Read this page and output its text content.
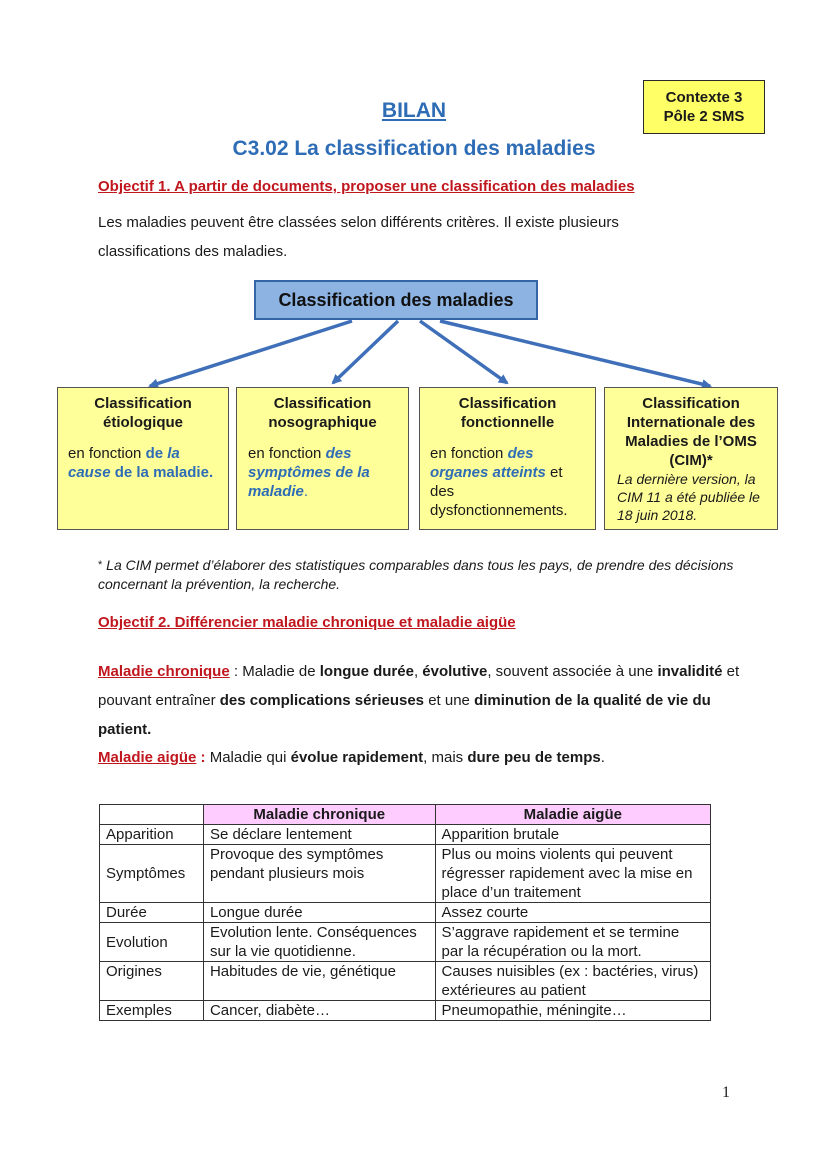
Contexte 3
Pôle 2 SMS
BILAN
C3.02 La classification des maladies
Objectif 1. A partir de documents, proposer une classification des maladies
Les maladies peuvent être classées selon différents critères. Il existe plusieurs
classifications des maladies.
Classification des maladies
Classification étiologique
en fonction de la cause de la maladie.
Classification nosographique
en fonction des symptômes de la maladie.
Classification fonctionnelle
en fonction des organes atteints et des dysfonctionnements.
Classification Internationale des Maladies de l’OMS (CIM)*
La dernière version, la CIM 11 a été publiée le 18 juin 2018.
* La CIM permet d’élaborer des statistiques comparables dans tous les pays, de prendre des décisions concernant la prévention, la recherche.
Objectif 2. Différencier maladie chronique et maladie aigüe
Maladie chronique : Maladie de longue durée, évolutive, souvent associée à une invalidité et pouvant entraîner des complications sérieuses et une diminution de la qualité de vie du patient.
Maladie aigüe : Maladie qui évolue rapidement, mais dure peu de temps.
	Maladie chronique	Maladie aigüe
Apparition	Se déclare lentement	Apparition brutale
Symptômes	Provoque des symptômes pendant plusieurs mois	Plus ou moins violents qui peuvent régresser rapidement avec la mise en place d’un traitement
Durée	Longue durée	Assez courte
Evolution	Evolution lente. Conséquences sur la vie quotidienne.	S’aggrave rapidement et se termine par la récupération ou la mort.
Origines	Habitudes de vie, génétique	Causes nuisibles (ex : bactéries, virus) extérieures au patient
Exemples	Cancer, diabète…	Pneumopathie, méningite…
1
